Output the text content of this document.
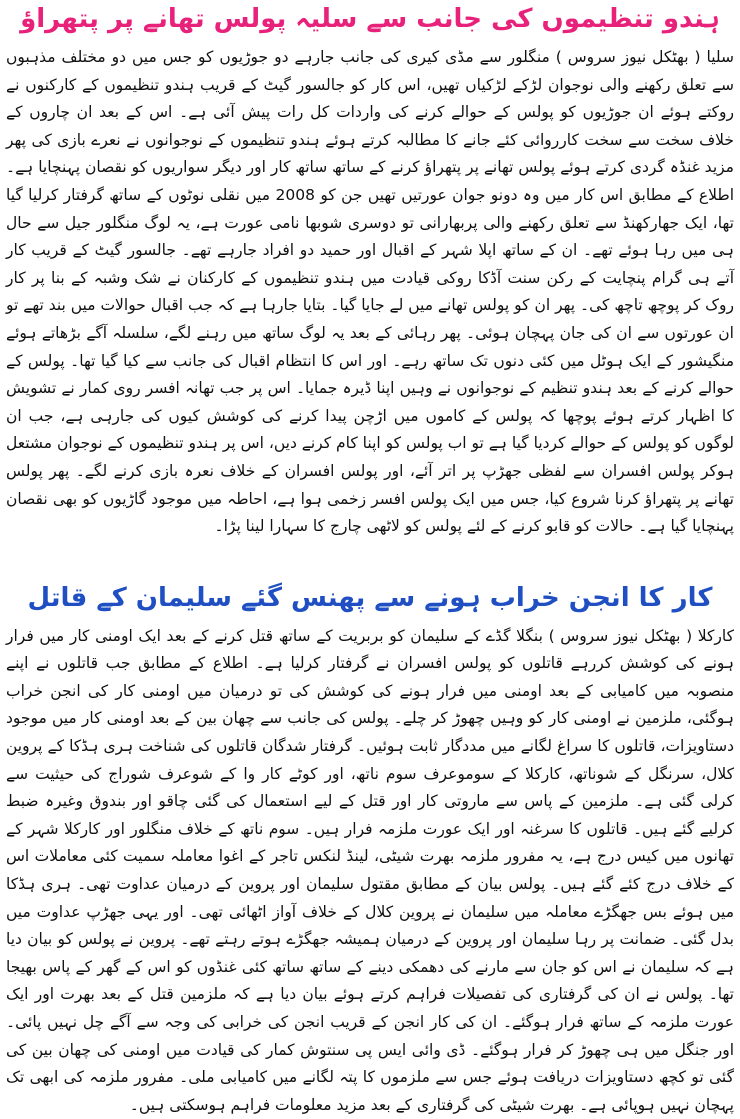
ہندو تنظیموں کی جانب سے سلیہ پولس تھانے پر پتھراؤ

سلیا ( بھٹکل نیوز سروس ) منگلور سے مڈی کیری کی جانب جارہے دو جوڑیوں کو جس میں دو مختلف مذہبوں سے تعلق رکھنے والی نوجوان لڑکے لڑکیاں تھیں، اس کار کو جالسور گیٹ کے قریب ہندو تنظیموں کے کارکنوں نے روکتے ہوئے ان جوڑیوں کو پولس کے حوالے کرنے کی واردات کل رات پیش آئی ہے۔ اس کے بعد ان چاروں کے خلاف سخت سے سخت کارروائی کئے جانے کا مطالبہ کرتے ہوئے ہندو تنظیموں کے نوجوانوں نے نعرے بازی کی پھر مزید غنڈہ گردی کرتے ہوئے پولس تھانے پر پتھراؤ کرنے کے ساتھ ساتھ کار اور دیگر سواریوں کو نقصان پہنچایا ہے۔ اطلاع کے مطابق اس کار میں وہ دونو جوان عورتیں تھیں جن کو 2008 میں نقلی نوٹوں کے ساتھ گرفتار کرلیا گیا تھا، ایک جھارکھنڈ سے تعلق رکھنے والی پربھارانی تو دوسری شوبھا نامی عورت ہے، یہ لوگ منگلور جیل سے حال ہی میں رہا ہوئے تھے۔ ان کے ساتھ اپلا شہر کے اقبال اور حمید دو افراد جارہے تھے۔ جالسور گیٹ کے قریب کار آتے ہی گرام پنچایت کے رکن سنت آڈکا روکی قیادت میں ہندو تنظیموں کے کارکنان نے شک وشبہ کے بنا پر کار روک کر پوچھ تاچھ کی۔ پھر ان کو پولس تھانے میں لے جایا گیا۔ بتایا جارہا ہے کہ جب اقبال حوالات میں بند تھے تو ان عورتوں سے ان کی جان پہچان ہوئی۔ پھر رہائی کے بعد یہ لوگ ساتھ میں رہنے لگے، سلسلہ آگے بڑھاتے ہوئے منگیشور کے ایک ہوٹل میں کئی دنوں تک ساتھ رہے۔ اور اس کا انتظام اقبال کی جانب سے کیا گیا تھا۔ پولس کے حوالے کرنے کے بعد ہندو تنظیم کے نوجوانوں نے وہیں اپنا ڈیرہ جمایا۔ اس پر جب تھانہ افسر روی کمار نے تشویش کا اظہار کرتے ہوئے پوچھا کہ پولس کے کاموں میں اڑچن پیدا کرنے کی کوشش کیوں کی جارہی ہے، جب ان لوگوں کو پولس کے حوالے کردیا گیا ہے تو اب پولس کو اپنا کام کرنے دیں، اس پر ہندو تنظیموں کے نوجوان مشتعل ہوکر پولس افسران سے لفظی جھڑپ پر اتر آئے، اور پولس افسران کے خلاف نعرہ بازی کرنے لگے۔ پھر پولس تھانے پر پتھراؤ کرنا شروع کیا، جس میں ایک پولس افسر زخمی ہوا ہے، احاطہ میں موجود گاڑیوں کو بھی نقصان پہنچایا گیا ہے۔ حالات کو قابو کرنے کے لئے پولس کو لاٹھی چارج کا سہارا لینا پڑا۔

کار کا انجن خراب ہونے سے پھنس گئے سلیمان کے قاتل

کارکلا ( بھٹکل نیوز سروس ) بنگلا گڈے کے سلیمان کو بربریت کے ساتھ قتل کرنے کے بعد ایک اومنی کار میں فرار ہونے کی کوشش کررہے قاتلوں کو پولس افسران نے گرفتار کرلیا ہے۔ اطلاع کے مطابق جب قاتلوں نے اپنے منصوبہ میں کامیابی کے بعد اومنی میں فرار ہونے کی کوشش کی تو درمیان میں اومنی کار کی انجن خراب ہوگئی، ملزمین نے اومنی کار کو وہیں چھوڑ کر چلے۔ پولس کی جانب سے چھان بین کے بعد اومنی کار میں موجود دستاویزات، قاتلوں کا سراغ لگانے میں مددگار ثابت ہوئیں۔ گرفتار شدگان قاتلوں کی شناخت ہری ہڈکا کے پروین کلال، سرنگل کے شوناتھ، کارکلا کے سوموعرف سوم ناتھ، اور کوٹے کار وا کے شوعرف شوراج کی حیثیت سے کرلی گئی ہے۔ ملزمین کے پاس سے ماروتی کار اور قتل کے لیے استعمال کی گئی چاقو اور بندوق وغیرہ ضبط کرلیے گئے ہیں۔ قاتلوں کا سرغنہ اور ایک عورت ملزمہ فرار ہیں۔ سوم ناتھ کے خلاف منگلور اور کارکلا شہر کے تھانوں میں کیس درج ہے، یہ مفرور ملزمہ بھرت شیٹی، لینڈ لنکس تاجر کے اغوا معاملہ سمیت کئی معاملات اس کے خلاف درج کئے گئے ہیں۔ پولس بیان کے مطابق مقتول سلیمان اور پروین کے درمیان عداوت تھی۔ ہری ہڈکا میں ہوئے بس جھگڑے معاملہ میں سلیمان نے پروین کلال کے خلاف آواز اٹھائی تھی۔ اور یہی جھڑپ عداوت میں بدل گئی۔ ضمانت پر رہا سلیمان اور پروین کے درمیان ہمیشہ جھگڑے ہوتے رہتے تھے۔ پروین نے پولس کو بیان دیا ہے کہ سلیمان نے اس کو جان سے مارنے کی دھمکی دینے کے ساتھ ساتھ کئی غنڈوں کو اس کے گھر کے پاس بھیجا تھا۔ پولس نے ان کی گرفتاری کی تفصیلات فراہم کرتے ہوئے بیان دیا ہے کہ ملزمین قتل کے بعد بھرت اور ایک عورت ملزمہ کے ساتھ فرار ہوگئے۔ ان کی کار انجن کے قریب انجن کی خرابی کی وجہ سے آگے چل نہیں پائی۔ اور جنگل میں ہی چھوڑ کر فرار ہوگئے۔ ڈی وائی ایس پی سنتوش کمار کی قیادت میں اومنی کی چھان بین کی گئی تو کچھ دستاویزات دریافت ہوئے جس سے ملزموں کا پتہ لگانے میں کامیابی ملی۔ مفرور ملزمہ کی ابھی تک پہچان نہیں ہوپائی ہے۔ بھرت شیٹی کی گرفتاری کے بعد مزید معلومات فراہم ہوسکتی ہیں۔
